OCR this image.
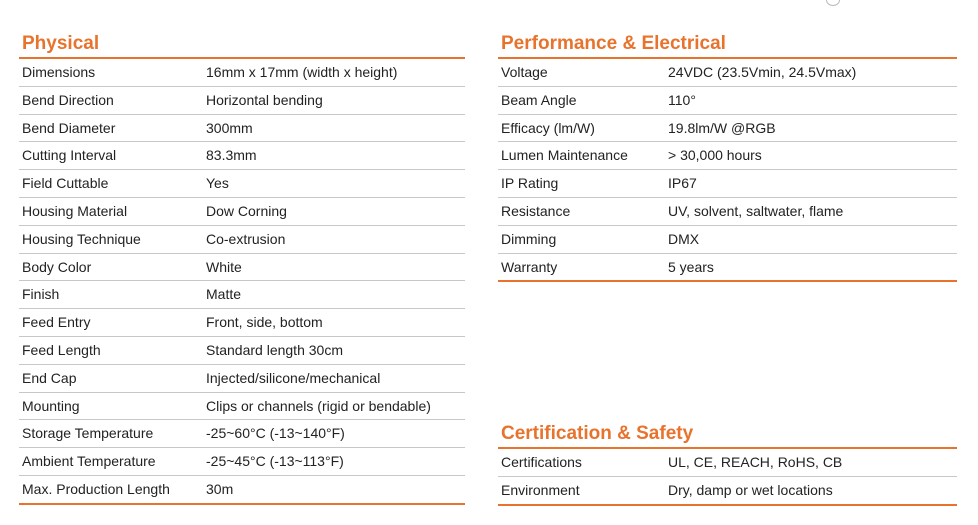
Physical
Dimensions	16mm x 17mm (width x height)
Bend Direction	Horizontal bending
Bend Diameter	300mm
Cutting Interval	83.3mm
Field Cuttable	Yes
Housing Material	Dow Corning
Housing Technique	Co-extrusion
Body Color	White
Finish	Matte
Feed Entry	Front, side, bottom
Feed Length	Standard length 30cm
End Cap	Injected/silicone/mechanical
Mounting	Clips or channels (rigid or bendable)
Storage Temperature	-25~60°C (-13~140°F)
Ambient Temperature	-25~45°C (-13~113°F)
Max. Production Length	30m
Performance & Electrical
Voltage	24VDC (23.5Vmin, 24.5Vmax)
Beam Angle	110°
Efficacy (lm/W)	19.8lm/W @RGB
Lumen Maintenance	> 30,000 hours
IP Rating	IP67
Resistance	UV, solvent, saltwater, flame
Dimming	DMX
Warranty	5 years
Certification & Safety
Certifications	UL, CE, REACH, RoHS, CB
Environment	Dry, damp or wet locations
